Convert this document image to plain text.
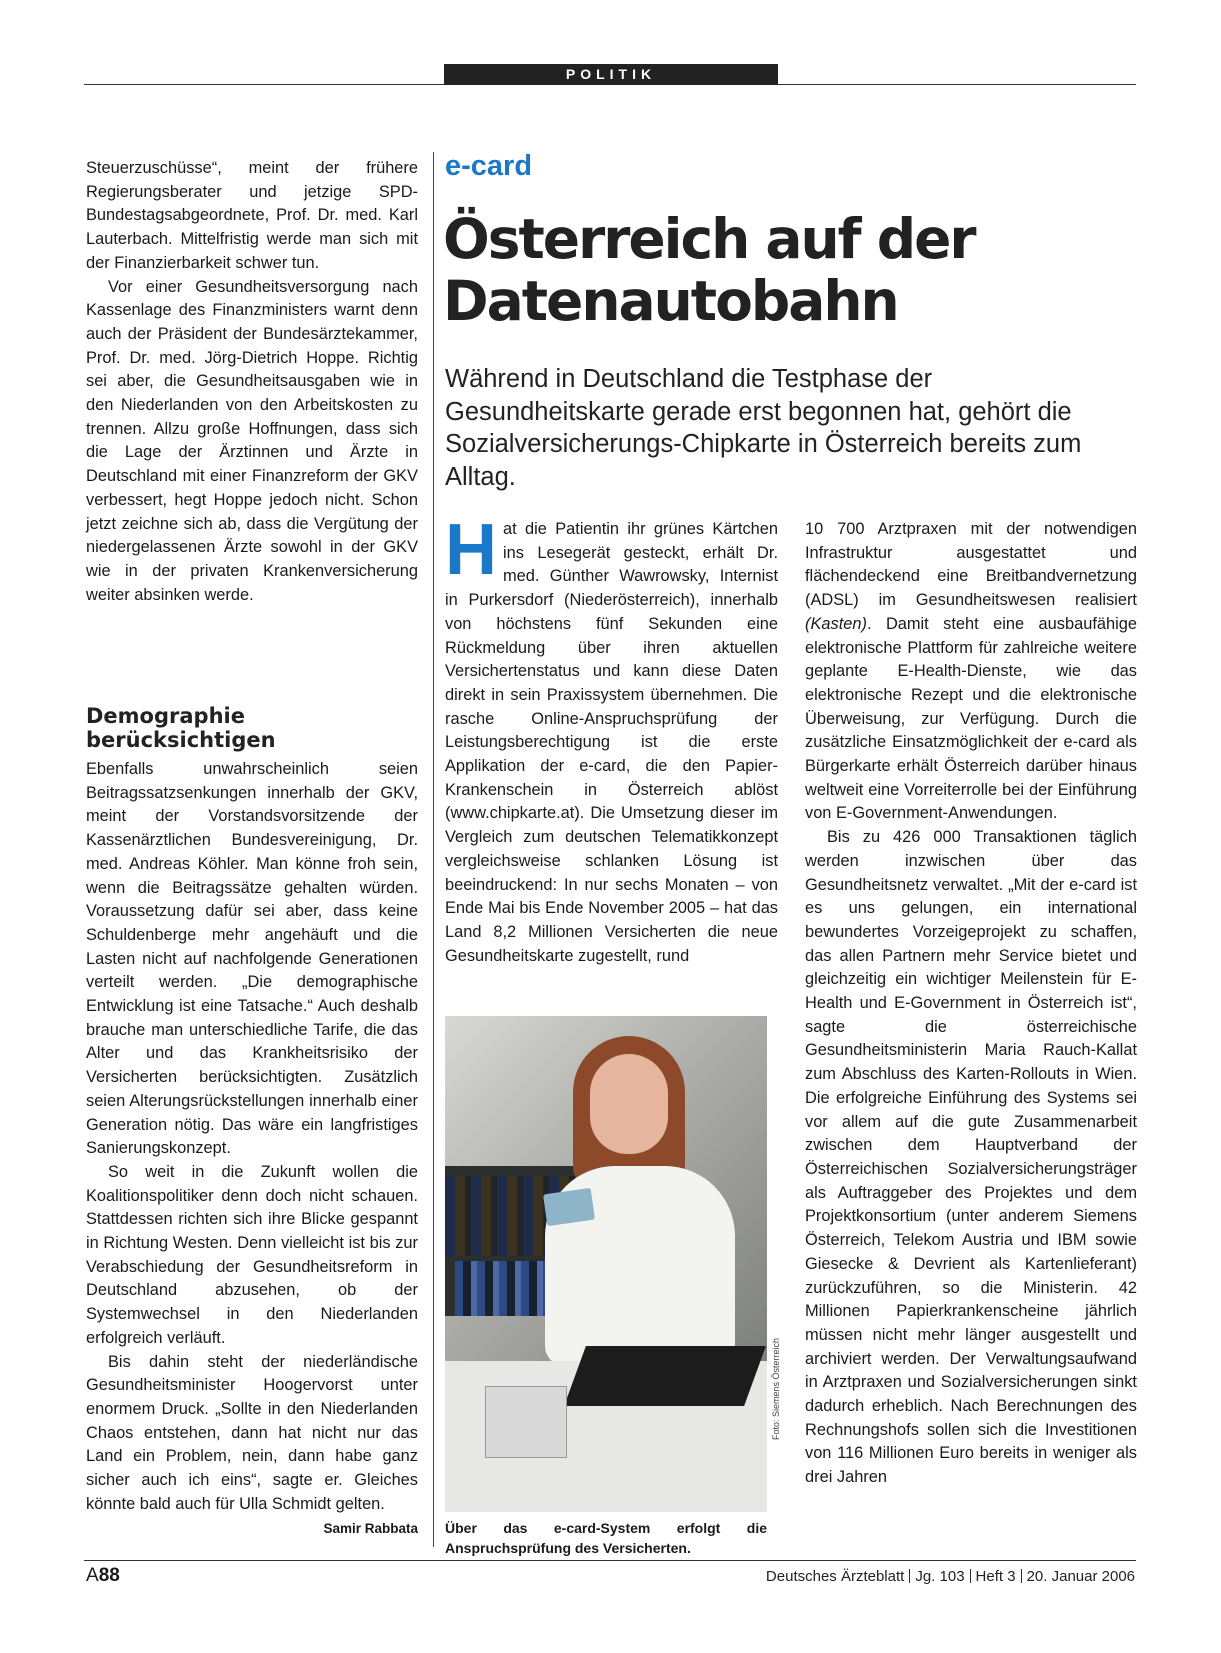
POLITIK

Steuerzuschüsse“, meint der frühere Regierungsberater und jetzige SPD-Bundestagsabgeordnete, Prof. Dr. med. Karl Lauterbach. Mittelfristig werde man sich mit der Finanzierbarkeit schwer tun.

Vor einer Gesundheitsversorgung nach Kassenlage des Finanzministers warnt denn auch der Präsident der Bundesärztekammer, Prof. Dr. med. Jörg-Dietrich Hoppe. Richtig sei aber, die Gesundheitsausgaben wie in den Niederlanden von den Arbeitskosten zu trennen. Allzu große Hoffnungen, dass sich die Lage der Ärztinnen und Ärzte in Deutschland mit einer Finanzreform der GKV verbessert, hegt Hoppe jedoch nicht. Schon jetzt zeichne sich ab, dass die Vergütung der niedergelassenen Ärzte sowohl in der GKV wie in der privaten Krankenversicherung weiter absinken werde.

Demographie berücksichtigen

Ebenfalls unwahrscheinlich seien Beitragssatzsenkungen innerhalb der GKV, meint der Vorstandsvorsitzende der Kassenärztlichen Bundesvereinigung, Dr. med. Andreas Köhler. Man könne froh sein, wenn die Beitragssätze gehalten würden. Voraussetzung dafür sei aber, dass keine Schuldenberge mehr angehäuft und die Lasten nicht auf nachfolgende Generationen verteilt werden. „Die demographische Entwicklung ist eine Tatsache.“ Auch deshalb brauche man unterschiedliche Tarife, die das Alter und das Krankheitsrisiko der Versicherten berücksichtigten. Zusätzlich seien Alterungsrückstellungen innerhalb einer Generation nötig. Das wäre ein langfristiges Sanierungskonzept.

So weit in die Zukunft wollen die Koalitionspolitiker denn doch nicht schauen. Stattdessen richten sich ihre Blicke gespannt in Richtung Westen. Denn vielleicht ist bis zur Verabschiedung der Gesundheitsreform in Deutschland abzusehen, ob der Systemwechsel in den Niederlanden erfolgreich verläuft.

Bis dahin steht der niederländische Gesundheitsminister Hoogervorst unter enormem Druck. „Sollte in den Niederlanden Chaos entstehen, dann hat nicht nur das Land ein Problem, nein, dann habe ganz sicher auch ich eins“, sagte er. Gleiches könnte bald auch für Ulla Schmidt gelten.
Samir Rabbata

e-card
Österreich auf der Datenautobahn
Während in Deutschland die Testphase der Gesundheitskarte gerade erst begonnen hat, gehört die Sozialversicherungs-Chipkarte in Österreich bereits zum Alltag.

Hat die Patientin ihr grünes Kärtchen ins Lesegerät gesteckt, erhält Dr. med. Günther Wawrowsky, Internist in Purkersdorf (Niederösterreich), innerhalb von höchstens fünf Sekunden eine Rückmeldung über ihren aktuellen Versichertenstatus und kann diese Daten direkt in sein Praxissystem übernehmen. Die rasche Online-Anspruchsprüfung der Leistungsberechtigung ist die erste Applikation der e-card, die den Papier-Krankenschein in Österreich ablöst (www.chipkarte.at). Die Umsetzung dieser im Vergleich zum deutschen Telematikkonzept vergleichsweise schlanken Lösung ist beeindruckend: In nur sechs Monaten – von Ende Mai bis Ende November 2005 – hat das Land 8,2 Millionen Versicherten die neue Gesundheitskarte zugestellt, rund

Foto: Siemens Österreich
Über das e-card-System erfolgt die Anspruchsprüfung des Versicherten.

10 700 Arztpraxen mit der notwendigen Infrastruktur ausgestattet und flächendeckend eine Breitbandvernetzung (ADSL) im Gesundheitswesen realisiert (Kasten). Damit steht eine ausbaufähige elektronische Plattform für zahlreiche weitere geplante E-Health-Dienste, wie das elektronische Rezept und die elektronische Überweisung, zur Verfügung. Durch die zusätzliche Einsatzmöglichkeit der e-card als Bürgerkarte erhält Österreich darüber hinaus weltweit eine Vorreiterrolle bei der Einführung von E-Government-Anwendungen.

Bis zu 426 000 Transaktionen täglich werden inzwischen über das Gesundheitsnetz verwaltet. „Mit der e-card ist es uns gelungen, ein international bewundertes Vorzeigeprojekt zu schaffen, das allen Partnern mehr Service bietet und gleichzeitig ein wichtiger Meilenstein für E-Health und E-Government in Österreich ist“, sagte die österreichische Gesundheitsministerin Maria Rauch-Kallat zum Abschluss des Karten-Rollouts in Wien. Die erfolgreiche Einführung des Systems sei vor allem auf die gute Zusammenarbeit zwischen dem Hauptverband der Österreichischen Sozialversicherungsträger als Auftraggeber des Projektes und dem Projektkonsortium (unter anderem Siemens Österreich, Telekom Austria und IBM sowie Giesecke & Devrient als Kartenlieferant) zurückzuführen, so die Ministerin. 42 Millionen Papierkrankenscheine jährlich müssen nicht mehr länger ausgestellt und archiviert werden. Der Verwaltungsaufwand in Arztpraxen und Sozialversicherungen sinkt dadurch erheblich. Nach Berechnungen des Rechnungshofs sollen sich die Investitionen von 116 Millionen Euro bereits in weniger als drei Jahren

A88	Deutsches Ärzteblatt Jg. 103 Heft 3 20. Januar 2006
